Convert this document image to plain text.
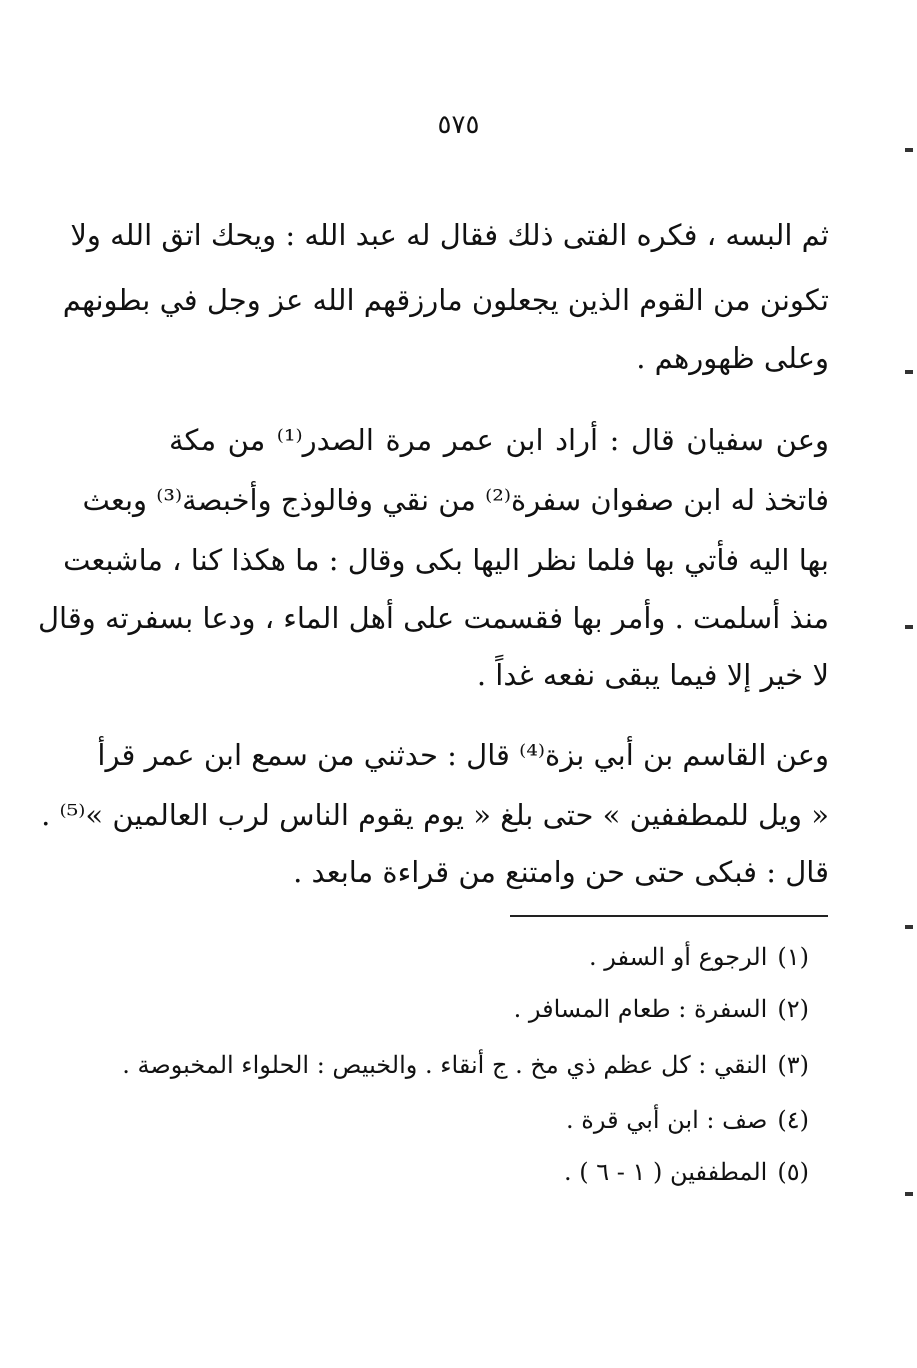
٥٧٥
ثم البسه ، فكره الفتى ذلك فقال له عبد الله : ويحك اتق الله ولا
تكونن من القوم الذين يجعلون مارزقهم الله عز وجل في بطونهم
وعلى ظهورهم .
وعن سفيان قال : أراد ابن عمر مرة الصدر⁽¹⁾ من مكة
فاتخذ له ابن صفوان سفرة⁽²⁾ من نقي وفالوذج وأخبصة⁽³⁾ وبعث
بها اليه فأتي بها فلما نظر اليها بكى وقال : ما هكذا كنا ، ماشبعت
منذ أسلمت . وأمر بها فقسمت على أهل الماء ، ودعا بسفرته وقال
لا خير إلا فيما يبقى نفعه غداً .
وعن القاسم بن أبي بزة⁽⁴⁾ قال : حدثني من سمع ابن عمر قرأ
« ويل للمطففين » حتى بلغ « يوم يقوم الناس لرب العالمين »⁽⁵⁾ .
قال : فبكى حتى حن وامتنع من قراءة مابعد .
(١)الرجوع أو السفر .
(٢)السفرة : طعام المسافر .
(٣)النقي : كل عظم ذي مخ . ج أنقاء . والخبيص : الحلواء المخبوصة .
(٤)صف : ابن أبي قرة .
(٥)المطففين ( ١ - ٦ ) .
